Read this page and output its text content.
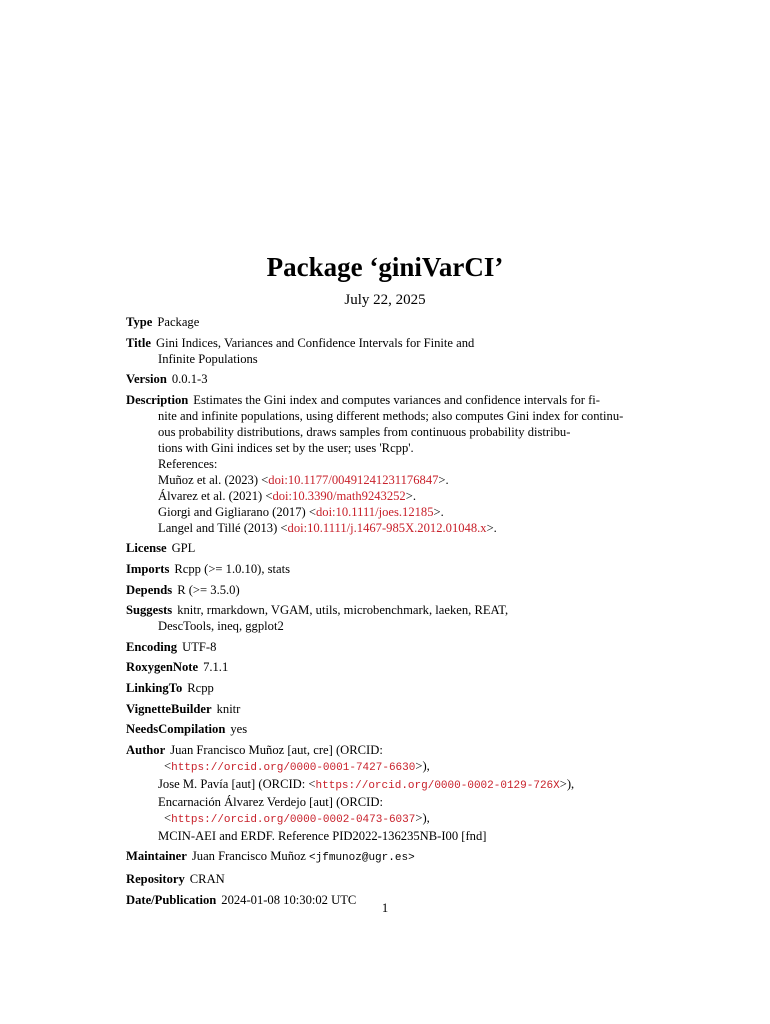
Package ‘giniVarCI’
July 22, 2025
Type Package
Title Gini Indices, Variances and Confidence Intervals for Finite and
Infinite Populations
Version 0.0.1-3
Description Estimates the Gini index and computes variances and confidence intervals for fi-
nite and infinite populations, using different methods; also computes Gini index for continu-
ous probability distributions, draws samples from continuous probability distribu-
tions with Gini indices set by the user; uses 'Rcpp'.
References:
Muñoz et al. (2023) <doi:10.1177/00491241231176847>.
Álvarez et al. (2021) <doi:10.3390/math9243252>.
Giorgi and Gigliarano (2017) <doi:10.1111/joes.12185>.
Langel and Tillé (2013) <doi:10.1111/j.1467-985X.2012.01048.x>.
License GPL
Imports Rcpp (>= 1.0.10), stats
Depends R (>= 3.5.0)
Suggests knitr, rmarkdown, VGAM, utils, microbenchmark, laeken, REAT,
DescTools, ineq, ggplot2
Encoding UTF-8
RoxygenNote 7.1.1
LinkingTo Rcpp
VignetteBuilder knitr
NeedsCompilation yes
Author Juan Francisco Muñoz [aut, cre] (ORCID:
<https://orcid.org/0000-0001-7427-6630>),
Jose M. Pavía [aut] (ORCID: <https://orcid.org/0000-0002-0129-726X>),
Encarnación Álvarez Verdejo [aut] (ORCID:
<https://orcid.org/0000-0002-0473-6037>),
MCIN-AEI and ERDF. Reference PID2022-136235NB-I00 [fnd]
Maintainer Juan Francisco Muñoz <jfmunoz@ugr.es>
Repository CRAN
Date/Publication 2024-01-08 10:30:02 UTC
1
